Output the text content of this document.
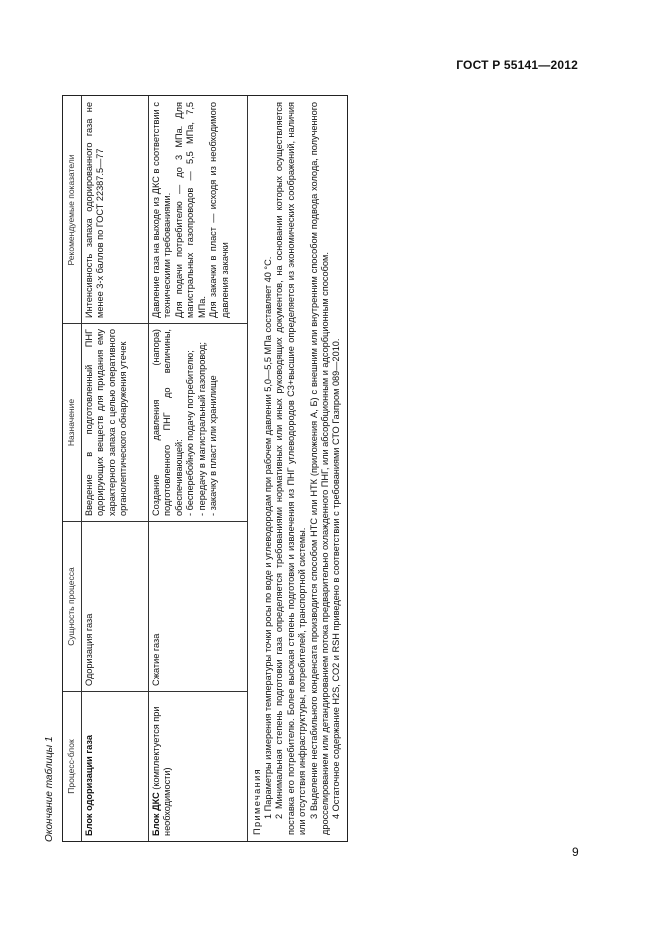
ГОСТ Р 55141—2012
Окончание таблицы 1	Процесс-блок
Сущность процесса
Назначение
Рекомендуемые показатели
Блок одоризации газа
Одоризация газа
Введение в подготовленный ПНГ одорирующих веществ для придания ему характерного запаха с целью оперативного органолептического обнаружения утечек
Интенсивность запаха одорированного газа не менее 3-х баллов по ГОСТ 22387.5—77
Блок ДКС (комплектуется при необходимости)
Сжатие газа
Создание давления (напора) подготовленного ПНГ до величины, обеспечивающей: - бесперебойную подачу потребителю; - передачу в магистральный газопровод; - закачку в пласт или хранилище
Давление газа на выходе из ДКС в соответствии с техническими требованиями. Для подачи потребителю — до 3 МПа. Для магистральных газопроводов — 5,5 МПа, 7,5 МПа. Для закачки в пласт — исходя из необходимого давления закачки
Примечания 1 Параметры измерения температуры точки росы по воде и углеводородам при рабочем давлении 5,0—5,5 МПа составляет 40 °С. 2 Минимальная степень подготовки газа определяется требованиями нормативных или иных руководящих документов, на основании которых осуществляется поставка его потребителю. Более высокая степень подготовки и извлечения из ПНГ углеводородов С3+высшие определяется из экономических соображений, наличия или отсутствия инфраструктуры, потребителей, транспортной системы. 3 Выделение нестабильного конденсата производится способом НТС или НТК (приложения А, Б) с внешним или внутренним способом подвода холода, полученного дросселированием или детандированием потока предварительно охлажденного ПНГ, или абсорбционным и адсорбционным способом. 4 Остаточное содержание H2S, CO2 и RSH приведено в соответствии с требованиями СТО Газпром 089—2010.
9
